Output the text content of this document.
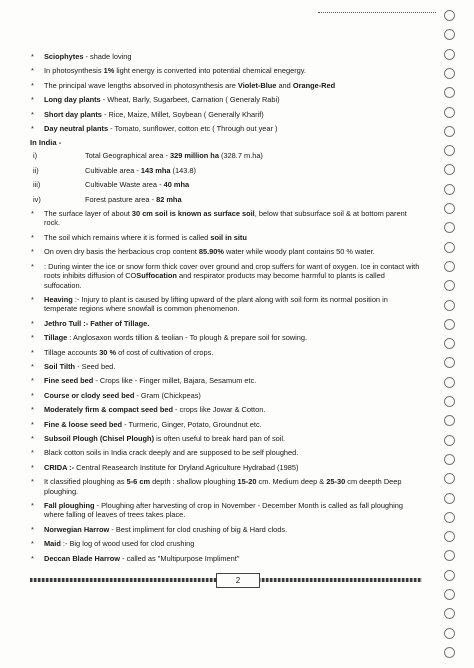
* Sciophytes - shade loving
* In photosynthesis 1% light energy is converted into potential chemical enegergy.
* The principal wave lengths absorved in photosynthesis are Violet-Blue and Orange-Red
* Long day plants - Wheat, Barly, Sugarbeet, Carnation ( Generaly Rabi)
* Short day plants - Rice, Maize, Millet, Soybean ( Generally Kharif)
* Day neutral plants - Tomato, sunflower, cotton etc ( Through out year )
In India -
i)	Total Geographical area - 329 million ha (328.7 m.ha)
ii)	Cultivable area - 143 mha (143.8)
iii)	Cultivable Waste area - 40 mha
iv)	Forest pasture area - 82 mha
* The surface layer of about 30 cm soil is known as surface soil, below that subsurface soil & at bottom parent rock.
* The soil which remains where it is formed is called soil in situ
* On oven dry basis the herbacious crop content 85.90% water while woody plant contains 50 % water.
* : During winter the ice or snow form thick cover over ground and crop suffers for want of oxygen. Ice in contact with roots inhibits diffusion of COSuffocation and respirator products may become harmful to plants is called suffocation.
* Heaving :- Injury to plant is caused by lifting upward of the plant along with soil form its normal position in temperate regions where snowfall is common phenomenon.
* Jethro Tull :- Father of Tillage.
* Tillage : Anglosaxon words tillion & teolian - To plough & prepare soil for sowing.
* Tillage accounts 30 % of cost of cultivation of crops.
* Soil Tilth - Seed bed.
* Fine seed bed - Crops like - Finger millet, Bajara, Sesamum etc.
* Course or clody seed bed - Gram (Chickpeas)
* Moderately firm & compact seed bed - crops like Jowar & Cotton.
* Fine & loose seed bed - Turmeric, Ginger, Potato, Groundnut etc.
* Subsoil Plough (Chisel Plough) is often useful to break hard pan of soil.
* Black cotton soils in India crack deeply and are supposed to be self ploughed.
* CRIDA :- Central Reasearch Institute for Dryland Agriculture Hydrabad (1985)
* It classified ploughing as 5-6 cm depth : shallow ploughing 15-20 cm. Medium deep & 25-30 cm deepth Deep ploughing.
* Fall ploughing - Ploughing after harvesting of crop in November - December Month is called as fall ploughing where falling of leaves of trees takes place.
* Norwegian Harrow - Best impliment for clod crushing of big & Hard clods.
* Maid :- Big log of wood used for clod crushing
* Deccan Blade Harrow - called as "Multipurpose Impliment"
2
